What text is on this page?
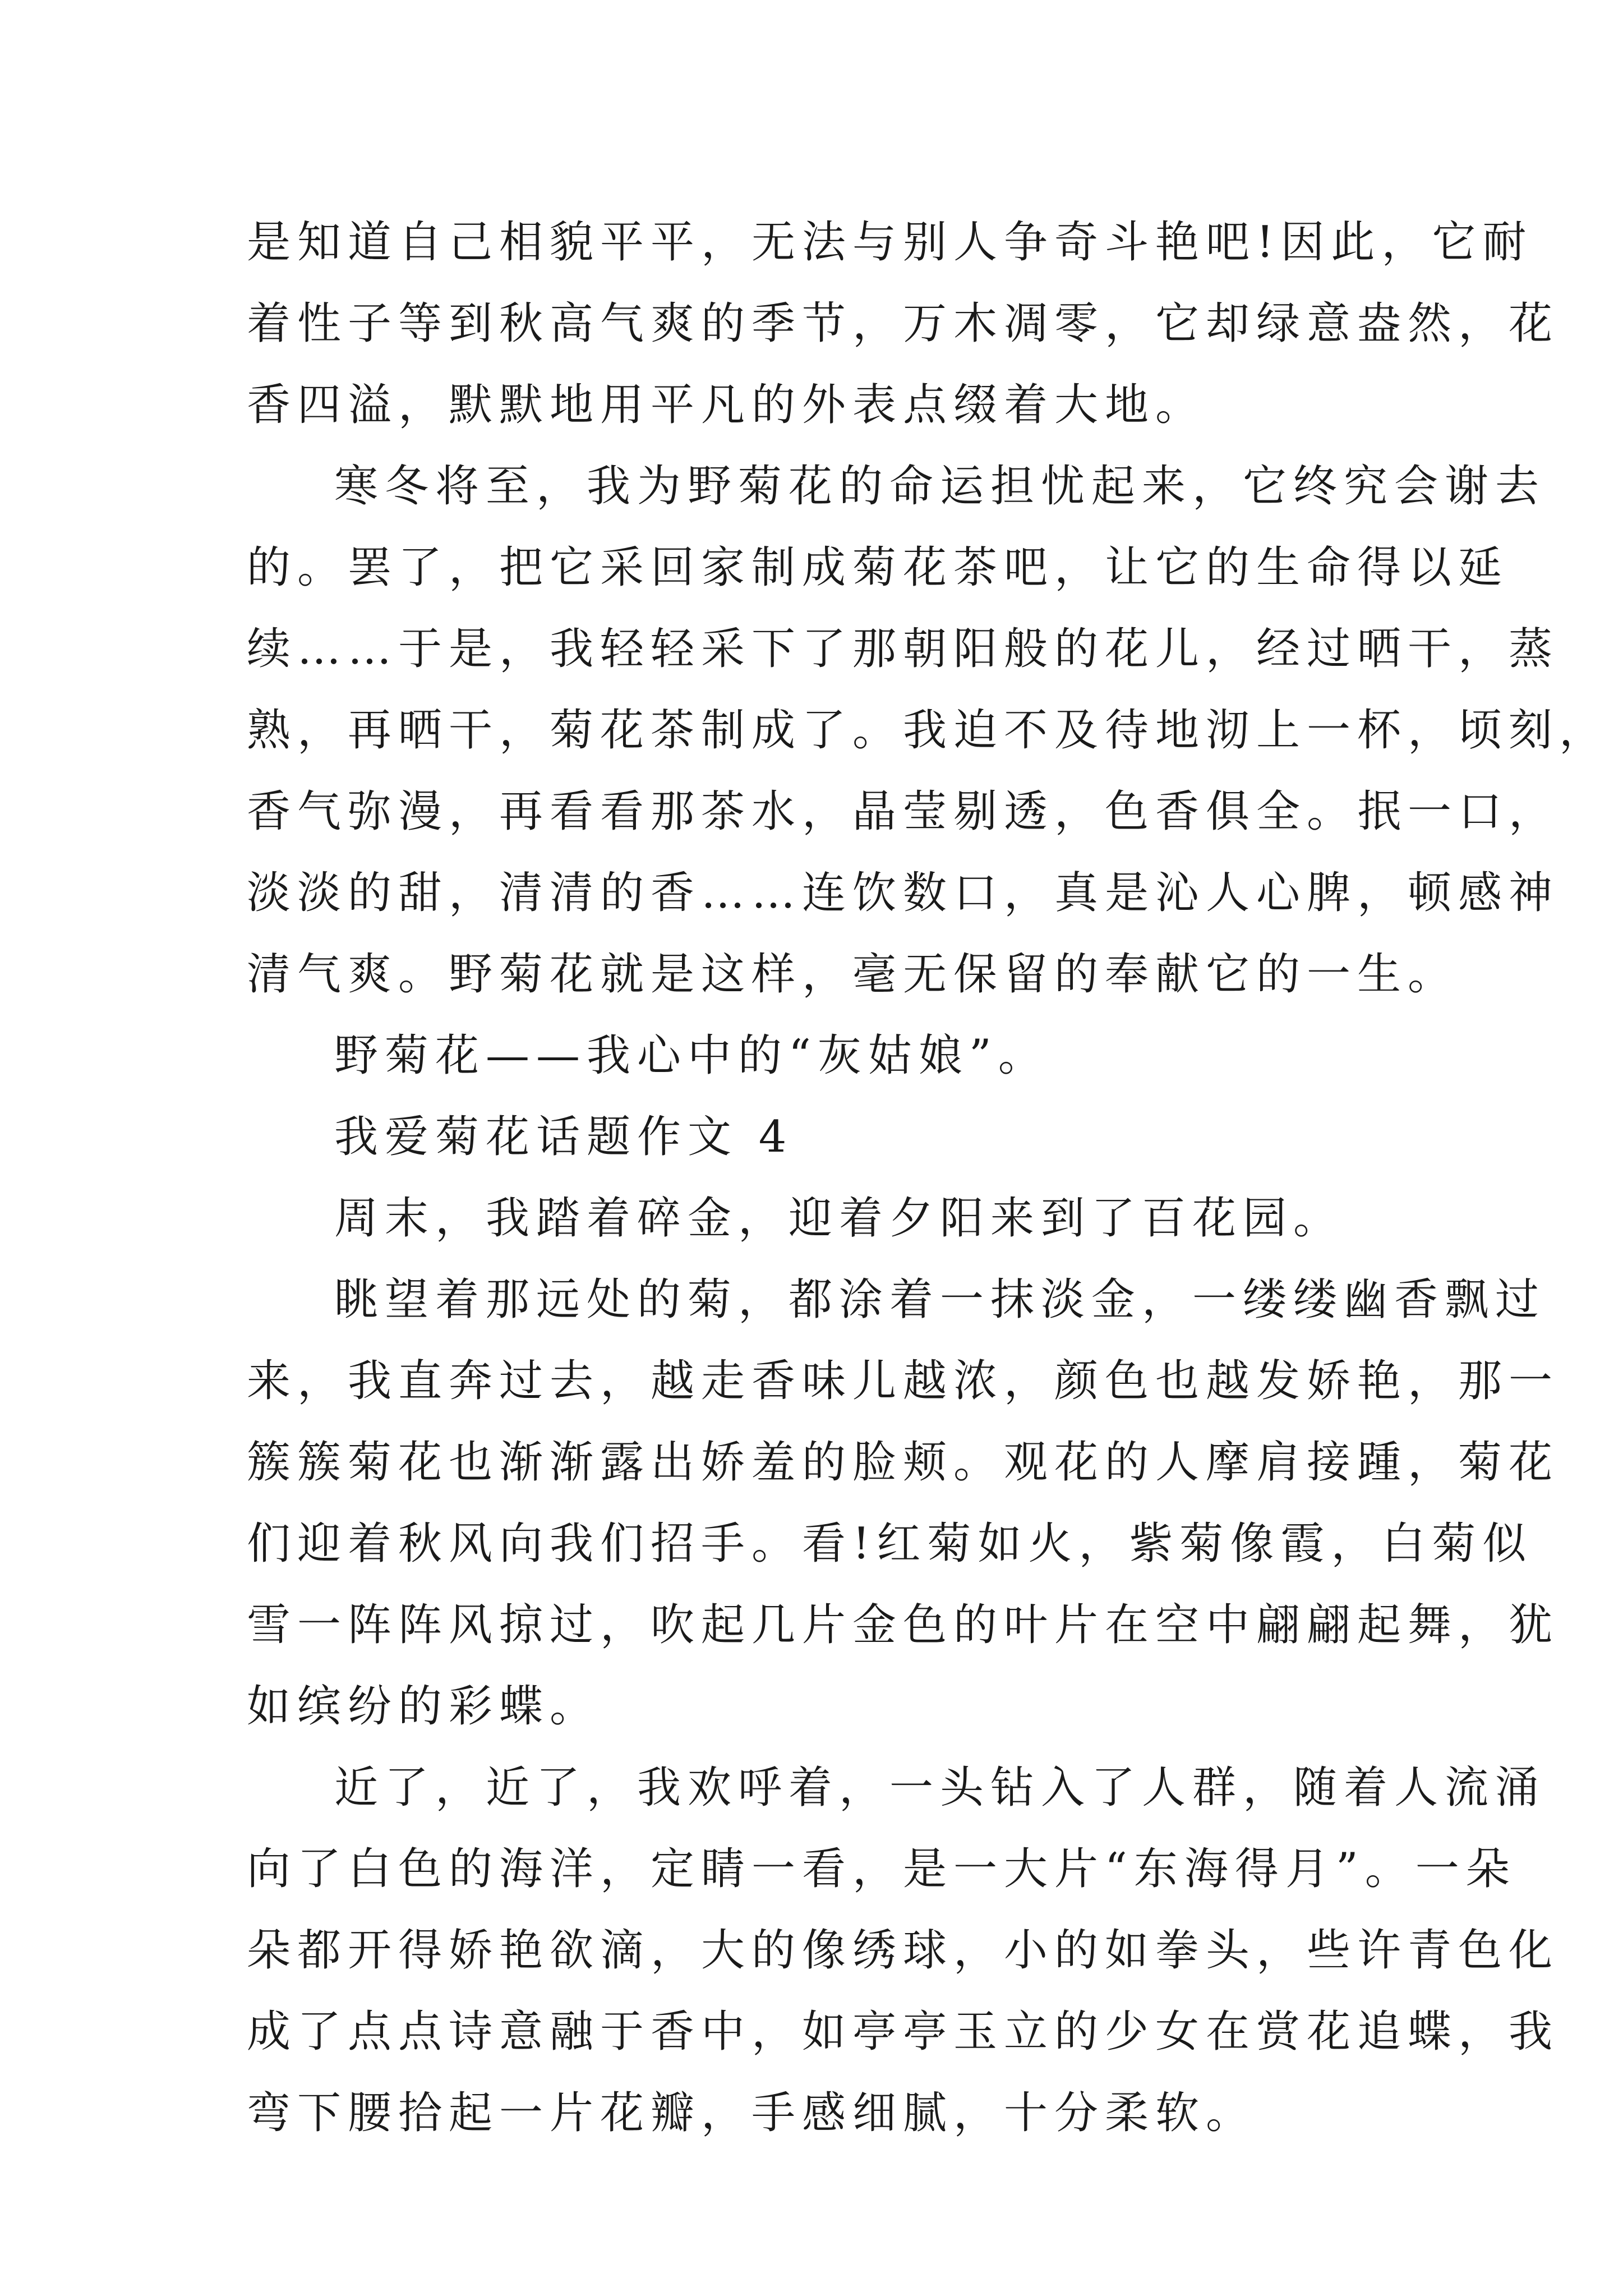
是知道自己相貌平平，无法与别人争奇斗艳吧!因此，它耐
着性子等到秋高气爽的季节，万木凋零，它却绿意盎然，花
香四溢，默默地用平凡的外表点缀着大地。
寒冬将至，我为野菊花的命运担忧起来，它终究会谢去
的。罢了，把它采回家制成菊花茶吧，让它的生命得以延
续……于是，我轻轻采下了那朝阳般的花儿，经过晒干，蒸
熟，再晒干，菊花茶制成了。我迫不及待地沏上一杯，顷刻，
香气弥漫，再看看那茶水，晶莹剔透，色香俱全。抿一口，
淡淡的甜，清清的香……连饮数口，真是沁人心脾，顿感神
清气爽。野菊花就是这样，毫无保留的奉献它的一生。
野菊花——我心中的“灰姑娘”。
我爱菊花话题作文 4
周末，我踏着碎金，迎着夕阳来到了百花园。
眺望着那远处的菊，都涂着一抹淡金，一缕缕幽香飘过
来，我直奔过去，越走香味儿越浓，颜色也越发娇艳，那一
簇簇菊花也渐渐露出娇羞的脸颊。观花的人摩肩接踵，菊花
们迎着秋风向我们招手。看!红菊如火，紫菊像霞，白菊似
雪一阵阵风掠过，吹起几片金色的叶片在空中翩翩起舞，犹
如缤纷的彩蝶。
近了，近了，我欢呼着，一头钻入了人群，随着人流涌
向了白色的海洋，定睛一看，是一大片“东海得月”。一朵
朵都开得娇艳欲滴，大的像绣球，小的如拳头，些许青色化
成了点点诗意融于香中，如亭亭玉立的少女在赏花追蝶，我
弯下腰拾起一片花瓣，手感细腻，十分柔软。
